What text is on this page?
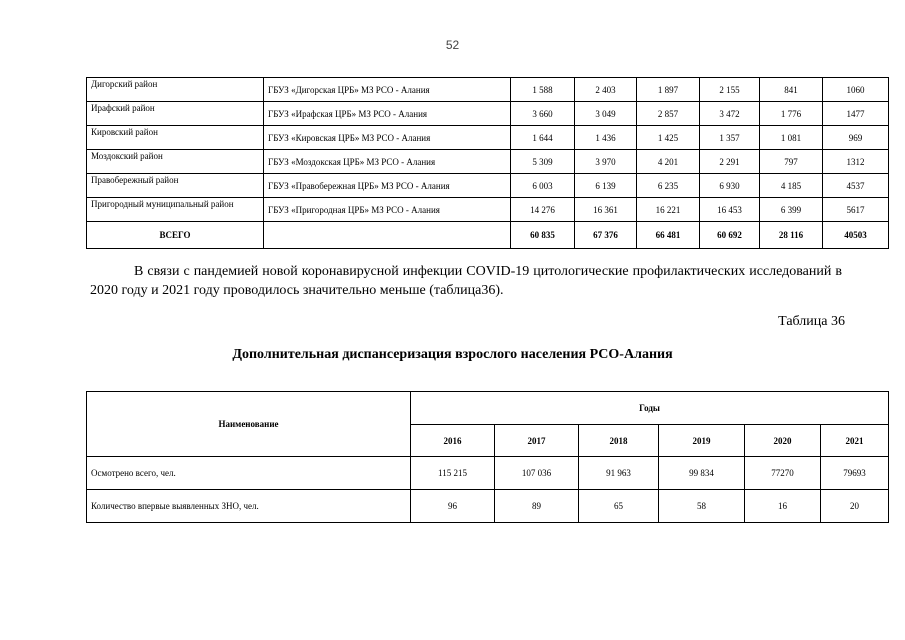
52
Дигорский район	ГБУЗ «Дигорская ЦРБ» МЗ РСО - Алания	1 588	2 403	1 897	2 155	841	1060
Ирафский район	ГБУЗ «Ирафская ЦРБ» МЗ РСО - Алания	3 660	3 049	2 857	3 472	1 776	1477
Кировский район	ГБУЗ «Кировская ЦРБ» МЗ РСО - Алания	1 644	1 436	1 425	1 357	1 081	969
Моздокский район	ГБУЗ «Моздокская ЦРБ» МЗ РСО - Алания	5 309	3 970	4 201	2 291	797	1312
Правобережный район	ГБУЗ «Правобережная ЦРБ» МЗ РСО - Алания	6 003	6 139	6 235	6 930	4 185	4537
Пригородный муниципальный район	ГБУЗ «Пригородная ЦРБ» МЗ РСО - Алания	14 276	16 361	16 221	16 453	6 399	5617
ВСЕГО		60 835	67 376	66 481	60 692	28 116	40503
В связи с пандемией новой коронавирусной инфекции COVID-19 цитологические профилактических исследований в 2020 году и 2021 году проводилось значительно меньше (таблица36).
Таблица 36
Дополнительная диспансеризация взрослого населения РСО-Алания
Наименование	Годы					
	2016	2017	2018	2019	2020	2021
Осмотрено всего, чел.	115 215	107 036	91 963	99 834	77270	79693
Количество впервые выявленных ЗНО, чел.	96	89	65	58	16	20
